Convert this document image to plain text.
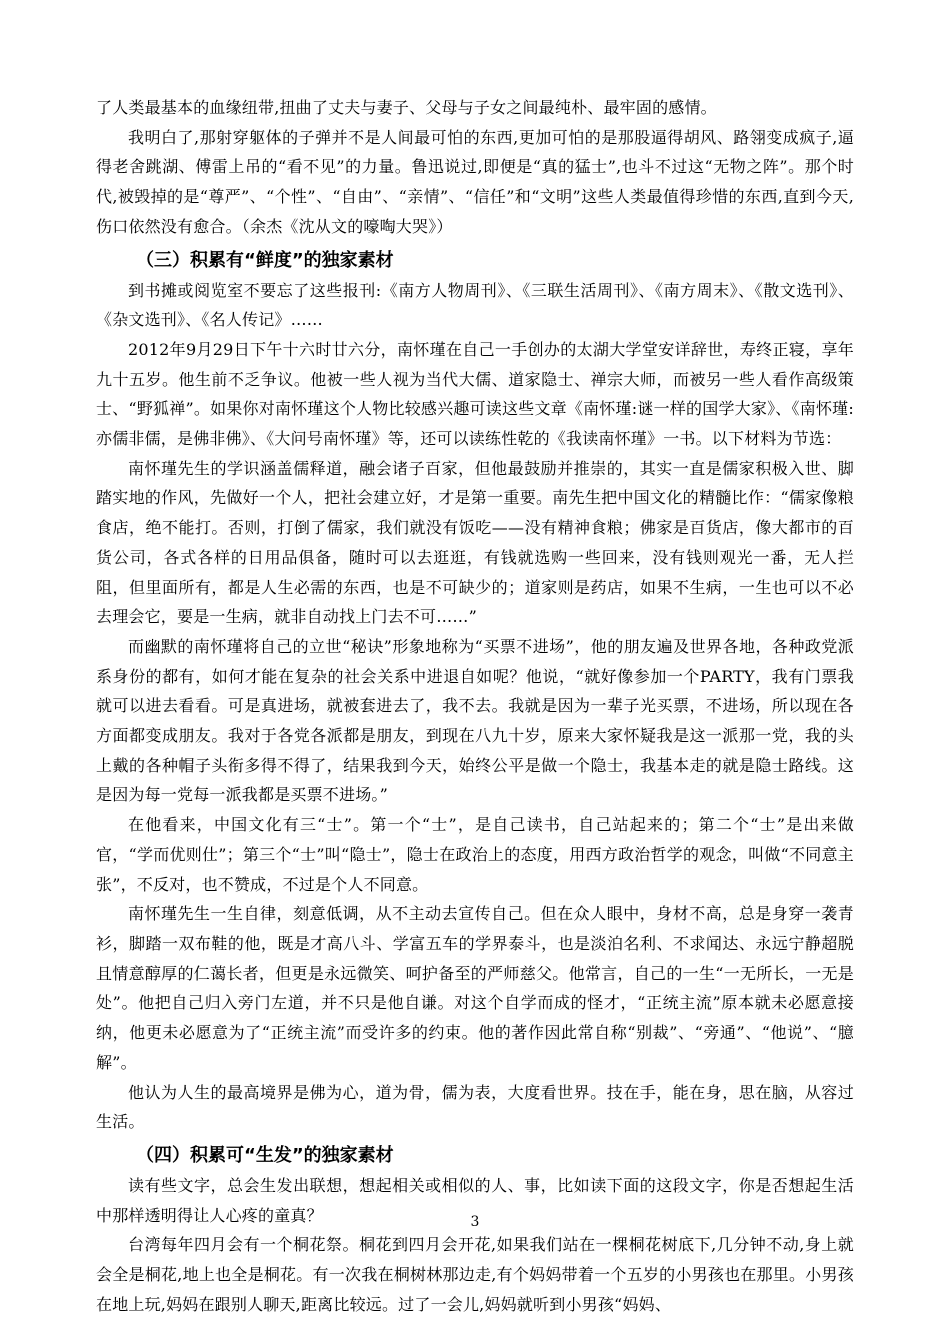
了人类最基本的血缘纽带,扭曲了丈夫与妻子、父母与子女之间最纯朴、最牢固的感情。

我明白了,那射穿躯体的子弹并不是人间最可怕的东西,更加可怕的是那股逼得胡风、路翎变成疯子,逼得老舍跳湖、傅雷上吊的“看不见”的力量。鲁迅说过,即便是“真的猛士”,也斗不过这“无物之阵”。那个时代,被毁掉的是“尊严”、“个性”、“自由”、“亲情”、“信任”和“文明”这些人类最值得珍惜的东西,直到今天,伤口依然没有愈合。（余杰《沈从文的嚎啕大哭》）

（三）积累有“鲜度”的独家素材

到书摊或阅览室不要忘了这些报刊:《南方人物周刊》、《三联生活周刊》、《南方周末》、《散文选刊》、《杂文选刊》、《名人传记》……

2012年9月29日下午十六时廿六分，南怀瑾在自己一手创办的太湖大学堂安详辞世，寿终正寝，享年九十五岁。他生前不乏争议。他被一些人视为当代大儒、道家隐士、禅宗大师，而被另一些人看作高级策士、“野狐禅”。如果你对南怀瑾这个人物比较感兴趣可读这些文章《南怀瑾:谜一样的国学大家》、《南怀瑾:亦儒非儒，是佛非佛》、《大问号南怀瑾》等，还可以读练性乾的《我读南怀瑾》一书。以下材料为节选：

南怀瑾先生的学识涵盖儒释道，融会诸子百家，但他最鼓励并推崇的，其实一直是儒家积极入世、脚踏实地的作风，先做好一个人，把社会建立好，才是第一重要。南先生把中国文化的精髓比作：“儒家像粮食店，绝不能打。否则，打倒了儒家，我们就没有饭吃——没有精神食粮；佛家是百货店，像大都市的百货公司，各式各样的日用品俱备，随时可以去逛逛，有钱就选购一些回来，没有钱则观光一番，无人拦阻，但里面所有，都是人生必需的东西，也是不可缺少的；道家则是药店，如果不生病，一生也可以不必去理会它，要是一生病，就非自动找上门去不可……”

而幽默的南怀瑾将自己的立世“秘诀”形象地称为“买票不进场”，他的朋友遍及世界各地，各种政党派系身份的都有，如何才能在复杂的社会关系中进退自如呢？他说，“就好像参加一个PARTY，我有门票我就可以进去看看。可是真进场，就被套进去了，我不去。我就是因为一辈子光买票，不进场，所以现在各方面都变成朋友。我对于各党各派都是朋友，到现在八九十岁，原来大家怀疑我是这一派那一党，我的头上戴的各种帽子头衔多得不得了，结果我到今天，始终公平是做一个隐士，我基本走的就是隐士路线。这是因为每一党每一派我都是买票不进场。”

在他看来，中国文化有三“士”。第一个“士”，是自己读书，自己站起来的；第二个“士”是出来做官，“学而优则仕”；第三个“士”叫“隐士”，隐士在政治上的态度，用西方政治哲学的观念，叫做“不同意主张”，不反对，也不赞成，不过是个人不同意。

南怀瑾先生一生自律，刻意低调，从不主动去宣传自己。但在众人眼中，身材不高，总是身穿一袭青衫，脚踏一双布鞋的他，既是才高八斗、学富五车的学界泰斗，也是淡泊名利、不求闻达、永远宁静超脱且情意醇厚的仁蔼长者，但更是永远微笑、呵护备至的严师慈父。他常言，自己的一生“一无所长，一无是处”。他把自己归入旁门左道，并不只是他自谦。对这个自学而成的怪才，“正统主流”原本就未必愿意接纳，他更未必愿意为了“正统主流”而受许多的约束。他的著作因此常自称“别裁”、“旁通”、“他说”、“臆解”。

他认为人生的最高境界是佛为心，道为骨，儒为表，大度看世界。技在手，能在身，思在脑，从容过生活。

（四）积累可“生发”的独家素材

读有些文字，总会生发出联想，想起相关或相似的人、事，比如读下面的这段文字，你是否想起生活中那样透明得让人心疼的童真？

台湾每年四月会有一个桐花祭。桐花到四月会开花,如果我们站在一棵桐花树底下,几分钟不动,身上就会全是桐花,地上也全是桐花。有一次我在桐树林那边走,有个妈妈带着一个五岁的小男孩也在那里。小男孩在地上玩,妈妈在跟别人聊天,距离比较远。过了一会儿,妈妈就听到小男孩“妈妈、

3
